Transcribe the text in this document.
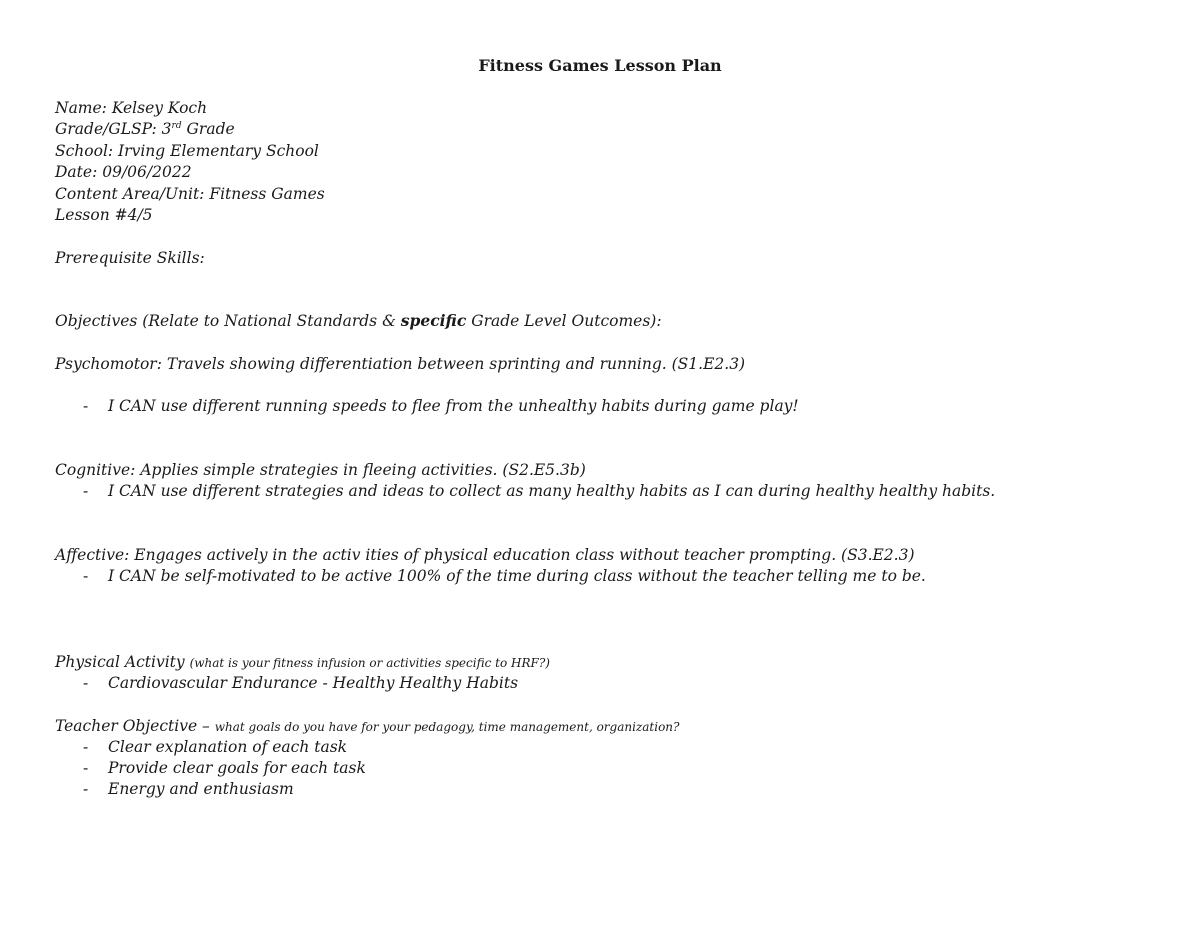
Fitness Games Lesson Plan
Name: Kelsey Koch
Grade/GLSP: 3rd Grade
School: Irving Elementary School
Date: 09/06/2022
Content Area/Unit: Fitness Games
Lesson #4/5
Prerequisite Skills:
Objectives (Relate to National Standards & specific Grade Level Outcomes):
Psychomotor: Travels showing differentiation between sprinting and running. (S1.E2.3)
- I CAN use different running speeds to flee from the unhealthy habits during game play!
Cognitive: Applies simple strategies in fleeing activities. (S2.E5.3b)
- I CAN use different strategies and ideas to collect as many healthy habits as I can during healthy healthy habits.
Affective: Engages actively in the activ ities of physical education class without teacher prompting. (S3.E2.3)
- I CAN be self-motivated to be active 100% of the time during class without the teacher telling me to be.
Physical Activity (what is your fitness infusion or activities specific to HRF?)
- Cardiovascular Endurance - Healthy Healthy Habits
Teacher Objective – what goals do you have for your pedagogy, time management, organization?
- Clear explanation of each task
- Provide clear goals for each task
- Energy and enthusiasm
